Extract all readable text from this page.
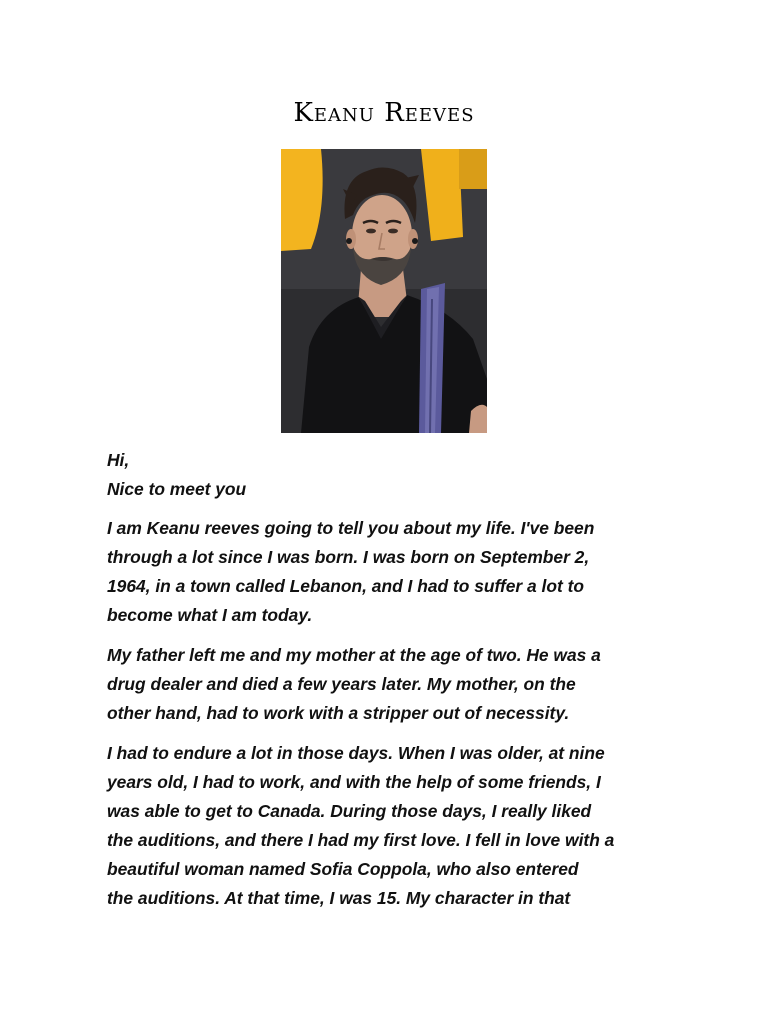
Keanu Reeves

Hi,
Nice to meet you

I am Keanu reeves going to tell you about my life. I've been
through a lot since I was born. I was born on September 2,
1964, in a town called Lebanon, and I had to suffer a lot to
become what I am today.

My father left me and my mother at the age of two. He was a
drug dealer and died a few years later. My mother, on the
other hand, had to work with a stripper out of necessity.

I had to endure a lot in those days. When I was older, at nine
years old, I had to work, and with the help of some friends, I
was able to get to Canada. During those days, I really liked
the auditions, and there I had my first love. I fell in love with a
beautiful woman named Sofia Coppola, who also entered
the auditions. At that time, I was 15. My character in that
